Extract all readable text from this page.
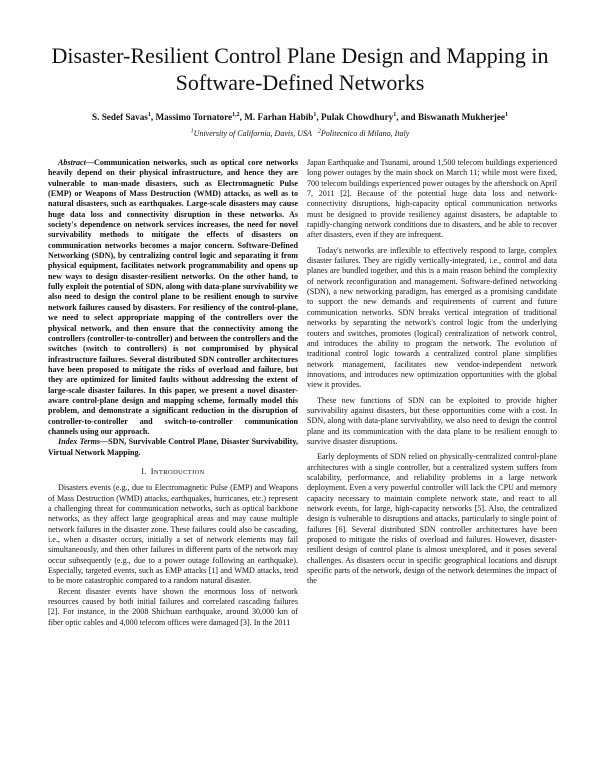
Disaster-Resilient Control Plane Design and Mapping in Software-Defined Networks
S. Sedef Savas$^1$, Massimo Tornatore$^{1,2}$, M. Farhan Habib$^1$, Pulak Chowdhury$^1$, and Biswanath Mukherjee$^1$
$^1$University of California, Davis, USA $^2$Politecnico di Milano, Italy

Abstract—Communication networks, such as optical core networks heavily depend on their physical infrastructure, and hence they are vulnerable to man-made disasters, such as Electromagnetic Pulse (EMP) or Weapons of Mass Destruction (WMD) attacks, as well as to natural disasters, such as earthquakes. Large-scale disasters may cause huge data loss and connectivity disruption in these networks. As society's dependence on network services increases, the need for novel survivability methods to mitigate the effects of disasters on communication networks becomes a major concern. Software-Defined Networking (SDN), by centralizing control logic and separating it from physical equipment, facilitates network programmability and opens up new ways to design disaster-resilient networks. On the other hand, to fully exploit the potential of SDN, along with data-plane survivability we also need to design the control plane to be resilient enough to survive network failures caused by disasters. For resiliency of the control-plane, we need to select appropriate mapping of the controllers over the physical network, and then ensure that the connectivity among the controllers (controller-to-controller) and between the controllers and the switches (switch to controllers) is not compromised by physical infrastructure failures. Several distributed SDN controller architectures have been proposed to mitigate the risks of overload and failure, but they are optimized for limited faults without addressing the extent of large-scale disaster failures. In this paper, we present a novel disaster-aware control-plane design and mapping scheme, formally model this problem, and demonstrate a significant reduction in the disruption of controller-to-controller and switch-to-controller communication channels using our approach.

Index Terms—SDN, Survivable Control Plane, Disaster Survivability, Virtual Network Mapping.

I. INTRODUCTION

Disasters events (e.g., due to Electromagnetic Pulse (EMP) and Weapons of Mass Destruction (WMD) attacks, earthquakes, hurricanes, etc.) represent a challenging threat for communication networks, such as optical backbone networks, as they affect large geographical areas and may cause multiple network failures in the disaster zone. These failures could also be cascading, i.e., when a disaster occurs, initially a set of network elements may fail simultaneously, and then other failures in different parts of the network may occur subsequently (e.g., due to a power outage following an earthquake). Especially, targeted events, such as EMP attacks [1] and WMD attacks, tend to be more catastrophic compared to a random natural disaster.

Recent disaster events have shown the enormous loss of network resources caused by both initial failures and correlated cascading failures [2]. For instance, in the 2008 Shichuan earthquake, around 30,000 km of fiber optic cables and 4,000 telecom offices were damaged [3]. In the 2011

Japan Earthquake and Tsunami, around 1,500 telecom buildings experienced long power outages by the main shock on March 11; while most were fixed, 700 telecom buildings experienced power outages by the aftershock on April 7, 2011 [2]. Because of the potential huge data loss and network-connectivity disruptions, high-capacity optical communication networks must be designed to provide resiliency against disasters, be adaptable to rapidly-changing network conditions due to disasters, and be able to recover after disasters, even if they are infrequent.

Today's networks are inflexible to effectively respond to large, complex disaster failures. They are rigidly vertically-integrated, i.e., control and data planes are bundled together, and this is a main reason behind the complexity of network reconfiguration and management. Software-defined networking (SDN), a new networking paradigm, has emerged as a promising candidate to support the new demands and requirements of current and future communication networks. SDN breaks vertical integration of traditional networks by separating the network's control logic from the underlying routers and switches, promotes (logical) centralization of network control, and introduces the ability to program the network. The evolution of traditional control logic towards a centralized control plane simplifies network management, facilitates new vendor-independent network innovations, and introduces new optimization opportunities with the global view it provides.

These new functions of SDN can be exploited to provide higher survivability against disasters, but these opportunities come with a cost. In SDN, along with data-plane survivability, we also need to design the control plane and its communication with the data plane to be resilient enough to survive disaster disruptions.

Early deployments of SDN relied on physically-centralized control-plane architectures with a single controller, but a centralized system suffers from scalability, performance, and reliability problems in a large network deployment. Even a very powerful controller will lack the CPU and memory capacity necessary to maintain complete network state, and react to all network events, for large, high-capacity networks [5]. Also, the centralized design is vulnerable to disruptions and attacks, particularly to single point of failures [6]. Several distributed SDN controller architectures have been proposed to mitigate the risks of overload and failures. However, disaster-resilient design of control plane is almost unexplored, and it poses several challenges. As disasters occur in specific geographical locations and disrupt specific parts of the network, design of the network determines the impact of the
